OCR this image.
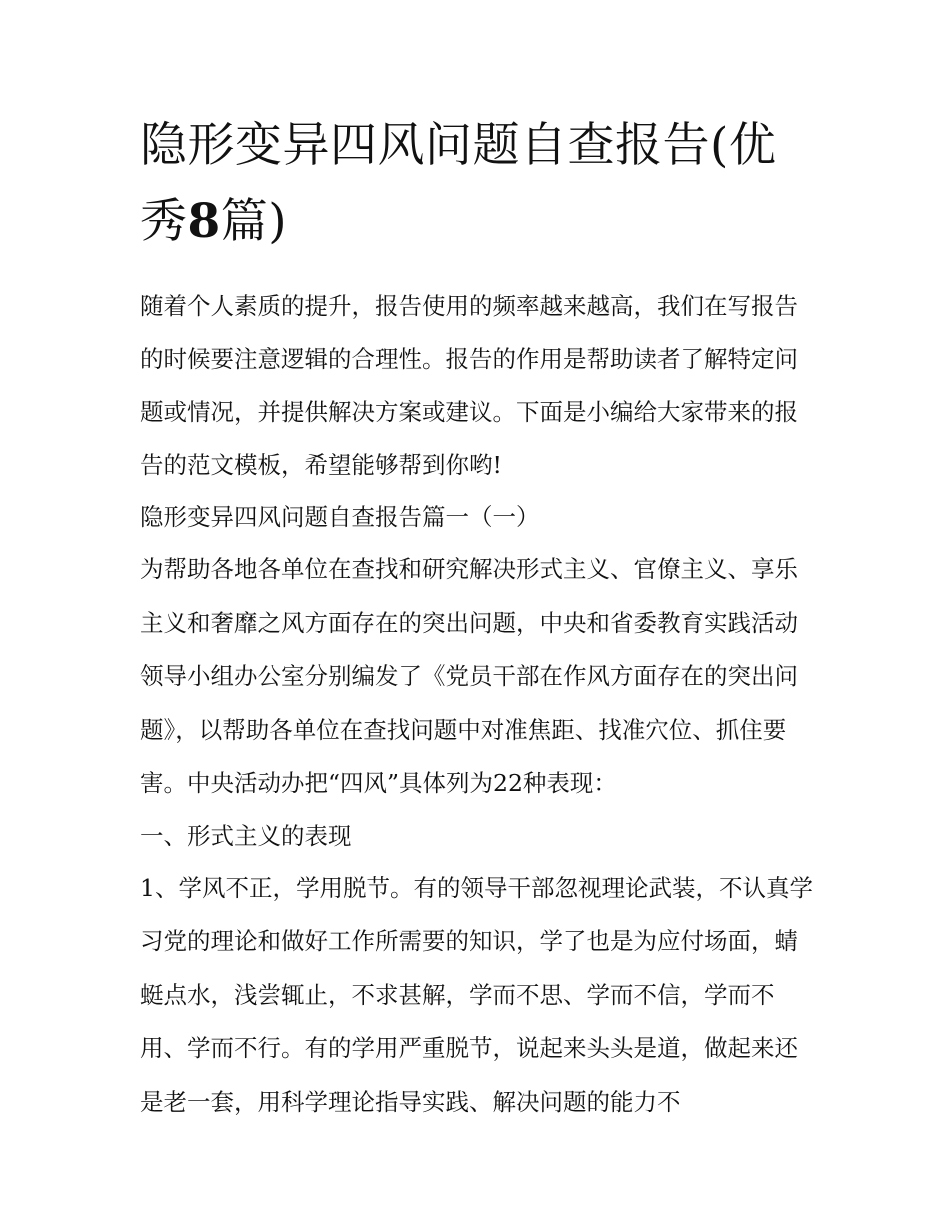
隐形变异四风问题自查报告(优秀8篇)

随着个人素质的提升，报告使用的频率越来越高，我们在写报告的时候要注意逻辑的合理性。报告的作用是帮助读者了解特定问题或情况，并提供解决方案或建议。下面是小编给大家带来的报告的范文模板，希望能够帮到你哟!

隐形变异四风问题自查报告篇一（一）

为帮助各地各单位在查找和研究解决形式主义、官僚主义、享乐主义和奢靡之风方面存在的突出问题，中央和省委教育实践活动领导小组办公室分别编发了《党员干部在作风方面存在的突出问题》，以帮助各单位在查找问题中对准焦距、找准穴位、抓住要害。中央活动办把“四风”具体列为22种表现：

一、形式主义的表现

1、学风不正，学用脱节。有的领导干部忽视理论武装，不认真学习党的理论和做好工作所需要的知识，学了也是为应付场面，蜻蜓点水，浅尝辄止，不求甚解，学而不思、学而不信，学而不用、学而不行。有的学用严重脱节，说起来头头是道，做起来还是老一套，用科学理论指导实践、解决问题的能力不
